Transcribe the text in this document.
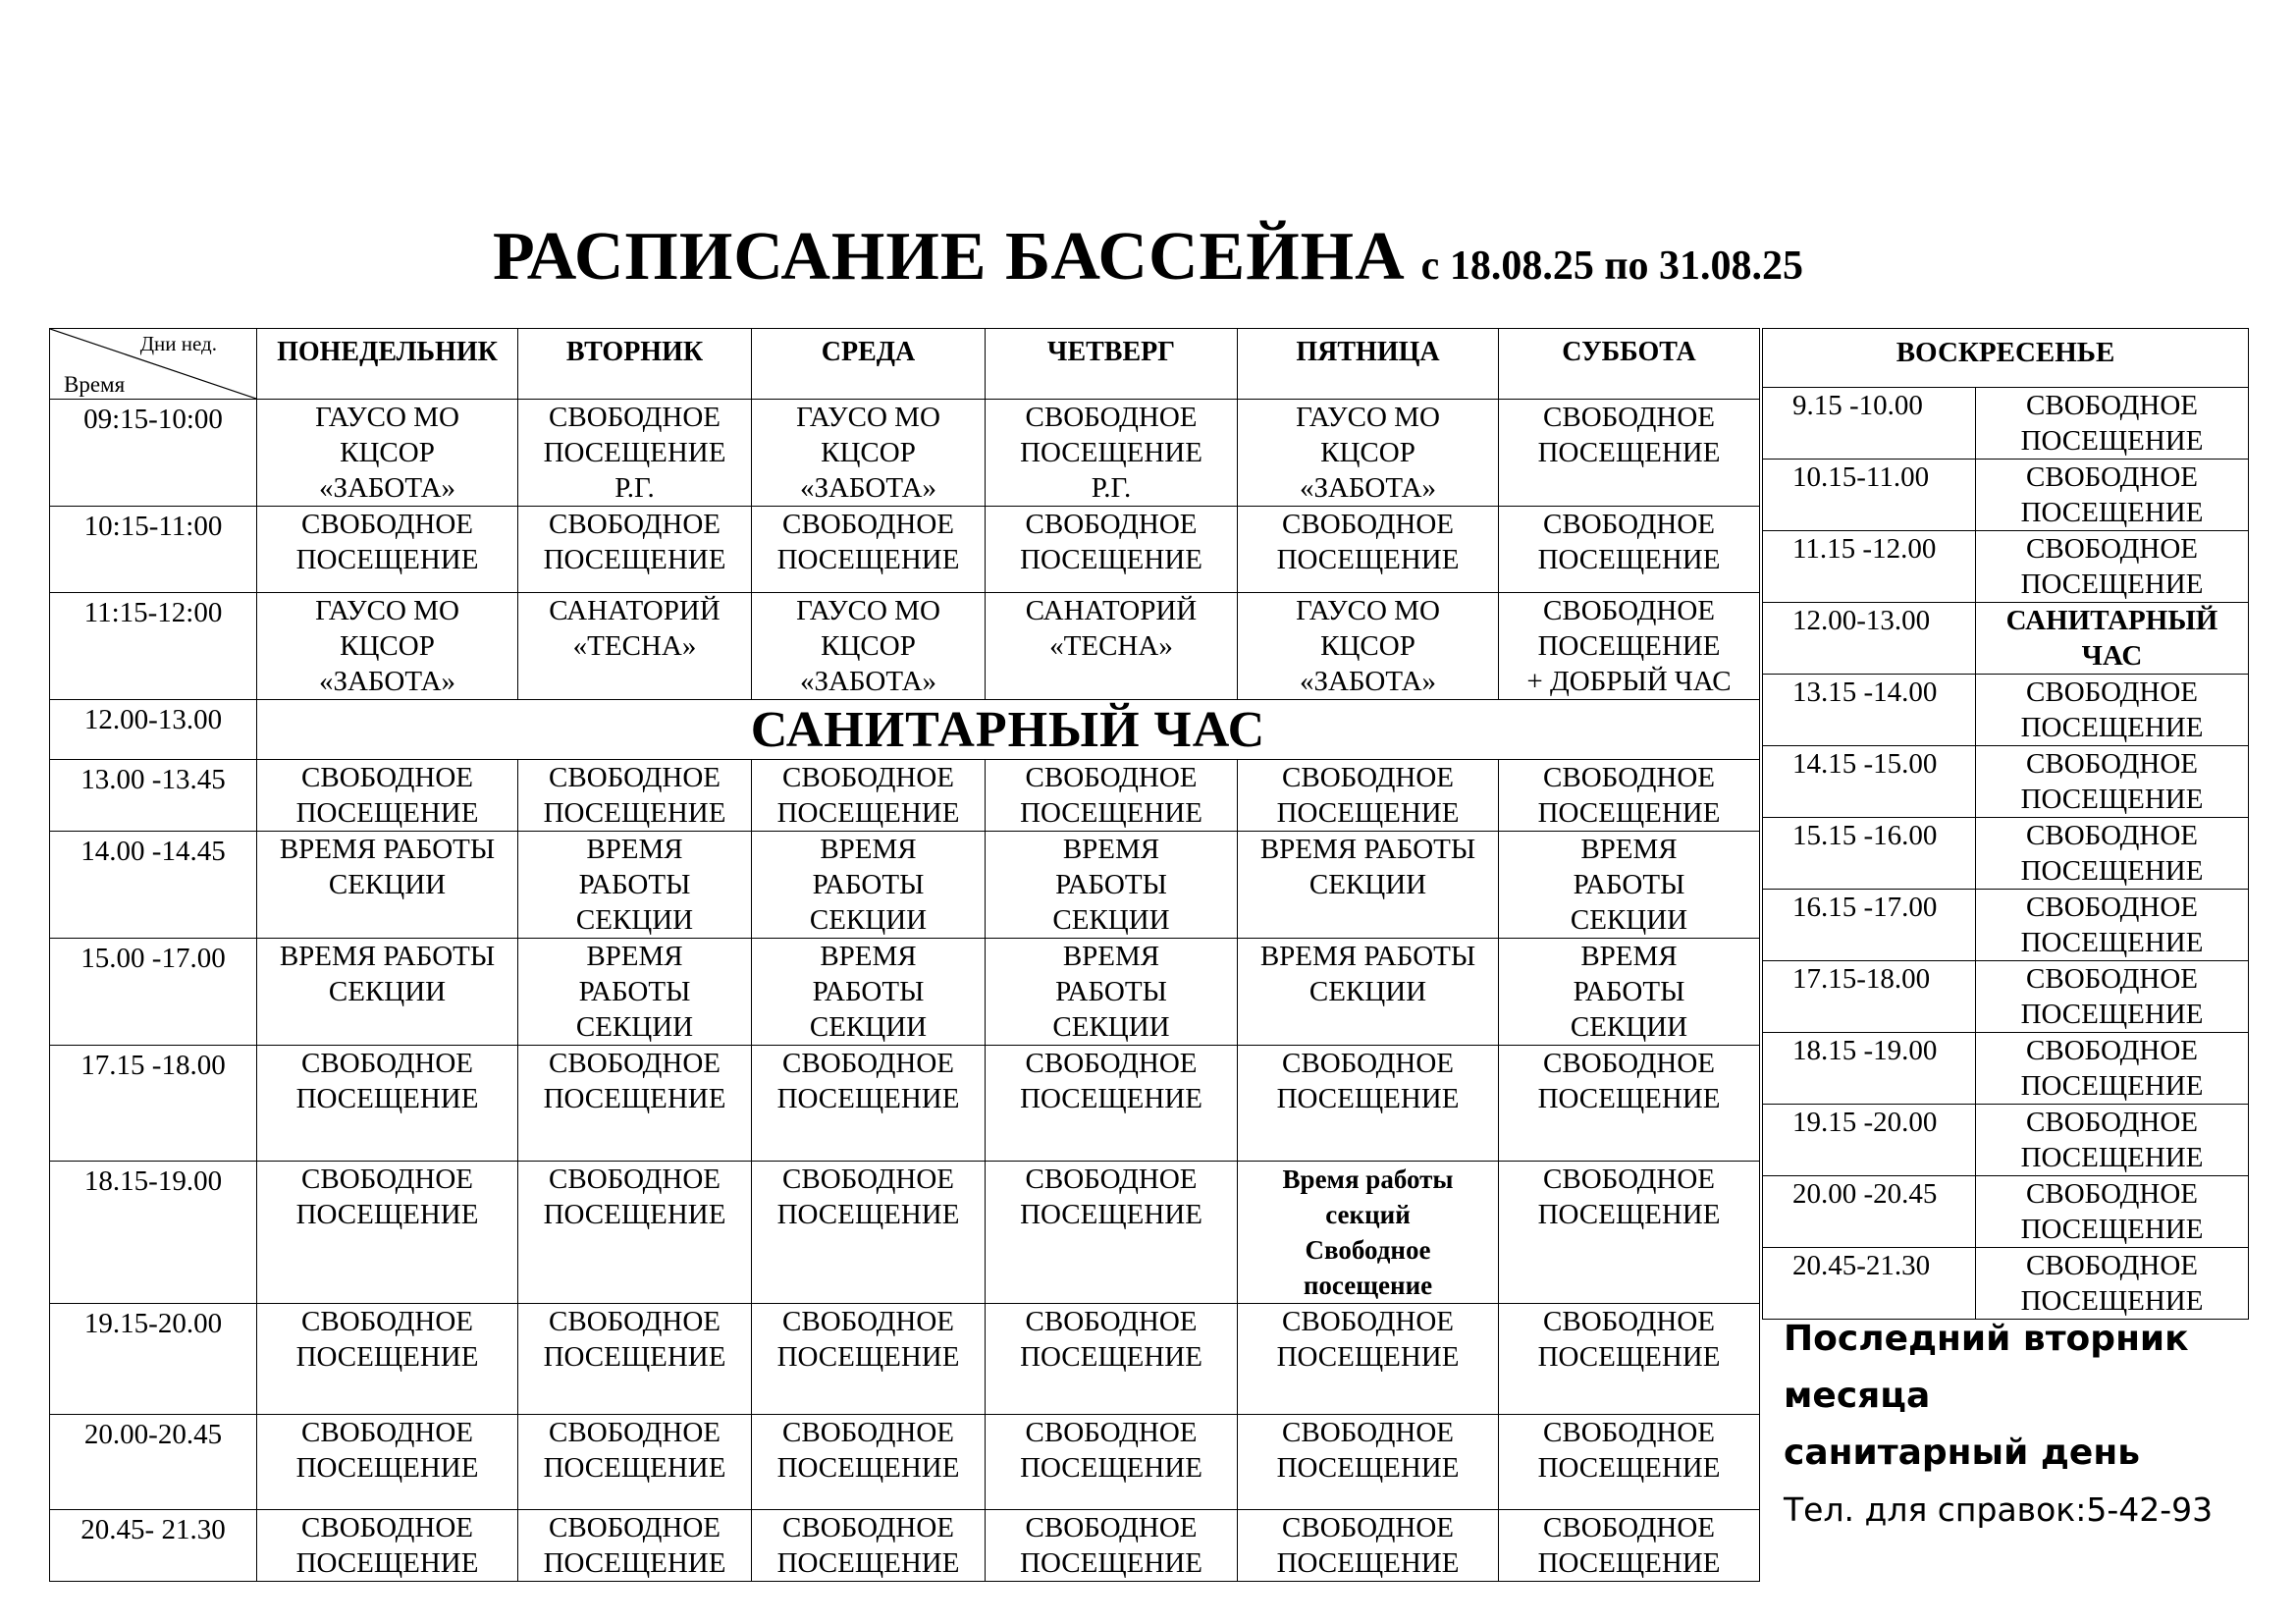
РАСПИСАНИЕ БАССЕЙНА с 18.08.25 по 31.08.25
Дни нед.
Время	ПОНЕДЕЛЬНИК	ВТОРНИК	СРЕДА	ЧЕТВЕРГ	ПЯТНИЦА	СУББОТА
09:15-10:00	ГАУСО МО
КЦСОР
«ЗАБОТА»	СВОБОДНОЕ
ПОСЕЩЕНИЕ
Р.Г.	ГАУСО МО
КЦСОР
«ЗАБОТА»	СВОБОДНОЕ
ПОСЕЩЕНИЕ
Р.Г.	ГАУСО МО
КЦСОР
«ЗАБОТА»	СВОБОДНОЕ
ПОСЕЩЕНИЕ
10:15-11:00	СВОБОДНОЕ
ПОСЕЩЕНИЕ	СВОБОДНОЕ
ПОСЕЩЕНИЕ	СВОБОДНОЕ
ПОСЕЩЕНИЕ	СВОБОДНОЕ
ПОСЕЩЕНИЕ	СВОБОДНОЕ
ПОСЕЩЕНИЕ	СВОБОДНОЕ
ПОСЕЩЕНИЕ
11:15-12:00	ГАУСО МО
КЦСОР
«ЗАБОТА»	САНАТОРИЙ
«ТЕСНА»	ГАУСО МО
КЦСОР
«ЗАБОТА»	САНАТОРИЙ
«ТЕСНА»	ГАУСО МО
КЦСОР
«ЗАБОТА»	СВОБОДНОЕ
ПОСЕЩЕНИЕ
+ ДОБРЫЙ ЧАС
12.00-13.00	САНИТАРНЫЙ ЧАС					
13.00 -13.45	СВОБОДНОЕ
ПОСЕЩЕНИЕ	СВОБОДНОЕ
ПОСЕЩЕНИЕ	СВОБОДНОЕ
ПОСЕЩЕНИЕ	СВОБОДНОЕ
ПОСЕЩЕНИЕ	СВОБОДНОЕ
ПОСЕЩЕНИЕ	СВОБОДНОЕ
ПОСЕЩЕНИЕ
14.00 -14.45	ВРЕМЯ РАБОТЫ
СЕКЦИИ	ВРЕМЯ
РАБОТЫ
СЕКЦИИ	ВРЕМЯ
РАБОТЫ
СЕКЦИИ	ВРЕМЯ
РАБОТЫ
СЕКЦИИ	ВРЕМЯ РАБОТЫ
СЕКЦИИ	ВРЕМЯ
РАБОТЫ
СЕКЦИИ
15.00 -17.00	ВРЕМЯ РАБОТЫ
СЕКЦИИ	ВРЕМЯ
РАБОТЫ
СЕКЦИИ	ВРЕМЯ
РАБОТЫ
СЕКЦИИ	ВРЕМЯ
РАБОТЫ
СЕКЦИИ	ВРЕМЯ РАБОТЫ
СЕКЦИИ	ВРЕМЯ
РАБОТЫ
СЕКЦИИ
17.15 -18.00	СВОБОДНОЕ
ПОСЕЩЕНИЕ	СВОБОДНОЕ
ПОСЕЩЕНИЕ	СВОБОДНОЕ
ПОСЕЩЕНИЕ	СВОБОДНОЕ
ПОСЕЩЕНИЕ	СВОБОДНОЕ
ПОСЕЩЕНИЕ	СВОБОДНОЕ
ПОСЕЩЕНИЕ
18.15-19.00	СВОБОДНОЕ
ПОСЕЩЕНИЕ	СВОБОДНОЕ
ПОСЕЩЕНИЕ	СВОБОДНОЕ
ПОСЕЩЕНИЕ	СВОБОДНОЕ
ПОСЕЩЕНИЕ	Время работы
секций
Свободное
посещение	СВОБОДНОЕ
ПОСЕЩЕНИЕ
19.15-20.00	СВОБОДНОЕ
ПОСЕЩЕНИЕ	СВОБОДНОЕ
ПОСЕЩЕНИЕ	СВОБОДНОЕ
ПОСЕЩЕНИЕ	СВОБОДНОЕ
ПОСЕЩЕНИЕ	СВОБОДНОЕ
ПОСЕЩЕНИЕ	СВОБОДНОЕ
ПОСЕЩЕНИЕ
20.00-20.45	СВОБОДНОЕ
ПОСЕЩЕНИЕ	СВОБОДНОЕ
ПОСЕЩЕНИЕ	СВОБОДНОЕ
ПОСЕЩЕНИЕ	СВОБОДНОЕ
ПОСЕЩЕНИЕ	СВОБОДНОЕ
ПОСЕЩЕНИЕ	СВОБОДНОЕ
ПОСЕЩЕНИЕ
20.45- 21.30	СВОБОДНОЕ
ПОСЕЩЕНИЕ	СВОБОДНОЕ
ПОСЕЩЕНИЕ	СВОБОДНОЕ
ПОСЕЩЕНИЕ	СВОБОДНОЕ
ПОСЕЩЕНИЕ	СВОБОДНОЕ
ПОСЕЩЕНИЕ	СВОБОДНОЕ
ПОСЕЩЕНИЕ
ВОСКРЕСЕНЬЕ	
9.15 -10.00	СВОБОДНОЕ
ПОСЕЩЕНИЕ
10.15-11.00	СВОБОДНОЕ
ПОСЕЩЕНИЕ
11.15 -12.00	СВОБОДНОЕ
ПОСЕЩЕНИЕ
12.00-13.00	САНИТАРНЫЙ
ЧАС
13.15 -14.00	СВОБОДНОЕ
ПОСЕЩЕНИЕ
14.15 -15.00	СВОБОДНОЕ
ПОСЕЩЕНИЕ
15.15 -16.00	СВОБОДНОЕ
ПОСЕЩЕНИЕ
16.15 -17.00	СВОБОДНОЕ
ПОСЕЩЕНИЕ
17.15-18.00	СВОБОДНОЕ
ПОСЕЩЕНИЕ
18.15 -19.00	СВОБОДНОЕ
ПОСЕЩЕНИЕ
19.15 -20.00	СВОБОДНОЕ
ПОСЕЩЕНИЕ
20.00 -20.45	СВОБОДНОЕ
ПОСЕЩЕНИЕ
20.45-21.30	СВОБОДНОЕ
ПОСЕЩЕНИЕ
Последний вторник
месяца
санитарный день
Тел. для справок:5-42-93
